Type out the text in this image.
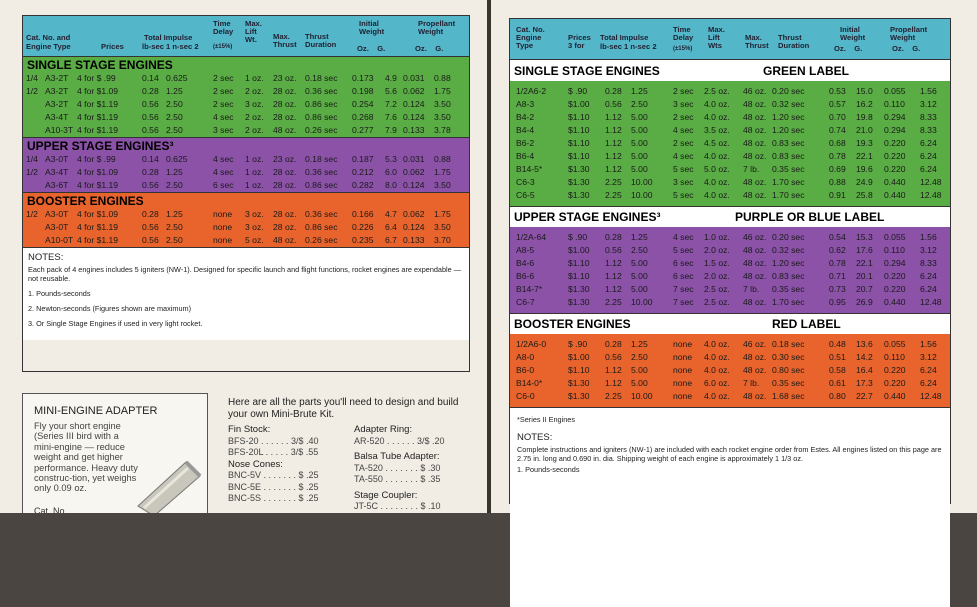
Cat. No. and
Engine Type	Prices
Total Impulse
lb-sec 1 n-sec 2
Time
Delay
(±15%)
Max.
Lift
Wt.	Max.
Thrust
Thrust
Duration
Initial
Weight
Oz.    G.
Propellant
Weight
Oz.    G.
SINGLE STAGE ENGINES
1/4 A3-2T 4 for $ .99	0.14 0.625	2 sec 1 oz. 23 oz. 0.18 sec 0.173 4.9 0.031 0.88
1/2 A3-2T 4 for $1.09	0.28 1.25	2 sec 2 oz. 28 oz. 0.36 sec 0.198 5.6 0.062 1.75
A3-2T 4 for $1.19	0.56 2.50	2 sec 3 oz. 28 oz. 0.86 sec 0.254 7.2 0.124 3.50
A3-4T 4 for $1.19	0.56 2.50	4 sec 2 oz. 28 oz. 0.86 sec 0.268 7.6 0.124 3.50
A10-3T 4 for $1.19	0.56 2.50	3 sec 2 oz. 48 oz. 0.26 sec 0.277 7.9 0.133 3.78
UPPER STAGE ENGINES³
1/4 A3-0T 4 for $ .99	0.14 0.625	4 sec 1 oz. 23 oz. 0.18 sec 0.187 5.3 0.031 0.88
1/2 A3-4T 4 for $1.09	0.28 1.25	4 sec 1 oz. 28 oz. 0.36 sec 0.212 6.0 0.062 1.75
A3-6T 4 for $1.19	0.56 2.50	6 sec 1 oz. 28 oz. 0.86 sec 0.282 8.0 0.124 3.50
BOOSTER ENGINES
1/2 A3-0T 4 for $1.09	0.28 1.25	none 3 oz. 28 oz. 0.36 sec 0.166 4.7 0.062 1.75
A3-0T 4 for $1.19	0.56 2.50	none 3 oz. 28 oz. 0.86 sec 0.226 6.4 0.124 3.50
A10-0T 4 for $1.19	0.56 2.50	none 5 oz. 48 oz. 0.26 sec 0.235 6.7 0.133 3.70

NOTES:

Each pack of 4 engines includes 5 igniters (NW-1). Designed for specific launch and flight functions, rocket engines are expendable — not reusable.

1. Pounds-seconds

2. Newton-seconds (Figures shown are maximum)

3. Or Single Stage Engines if used in very light rocket.

MINI-ENGINE ADAPTER
Fly your short engine (Series III bird with a mini-engine — reduce weight and get higher performance. Heavy duty construc-tion, yet weighs only 0.09 oz.
Cat. No.
Here are all the parts you'll need to design and build your own Mini-Brute Kit.
Fin Stock:
BFS-20 . . . . . . 3/$ .40
BFS-20L . . . . . 3/$ .55
Nose Cones:
BNC-5V . . . . . . . $ .25
BNC-5E . . . . . . . $ .25
BNC-5S . . . . . . . $ .25
Adapter Ring:
AR-520 . . . . . . 3/$ .20
Balsa Tube Adapter:
TA-520 . . . . . . . $ .30
TA-550 . . . . . . . $ .35
Stage Coupler:
JT-5C . . . . . . . . $ .10
Cat. No.
Engine
Type
Prices
3 for
Total Impulse
lb-sec 1 n-sec 2
Time
Delay
(±15%)
Max.
Lift
Wts
Max.
Thrust
Thrust
Duration
Initial
Weight
Oz.    G.
Propellant
Weight
Oz.    G.
SINGLE STAGE ENGINES	GREEN LABEL
1/2A6-2	$ .90 0.28 1.25	2 sec 2.5 oz. 46 oz. 0.20 sec	0.53 15.0 0.055 1.56
A8-3	$1.00 0.56 2.50	3 sec 4.0 oz. 48 oz. 0.32 sec	0.57 16.2 0.110 3.12
B4-2	$1.10 1.12 5.00	2 sec 4.0 oz. 48 oz. 1.20 sec	0.70 19.8 0.294 8.33
B4-4	$1.10 1.12 5.00	4 sec 3.5 oz. 48 oz. 1.20 sec	0.74 21.0 0.294 8.33
B6-2	$1.10 1.12 5.00	2 sec 4.5 oz. 48 oz. 0.83 sec	0.68 19.3 0.220 6.24
B6-4	$1.10 1.12 5.00	4 sec 4.0 oz. 48 oz. 0.83 sec	0.78 22.1 0.220 6.24
B14-5*	$1.30 1.12 5.00	5 sec 5.0 oz. 7 lb. 0.35 sec	0.69 19.6 0.220 6.24
C6-3	$1.30 2.25 10.00 3 sec 4.0 oz. 48 oz. 1.70 sec	0.88 24.9 0.440 12.48
C6-5	$1.30 2.25 10.00 5 sec 4.0 oz. 48 oz. 1.70 sec	0.91 25.8 0.440 12.48
UPPER STAGE ENGINES³	PURPLE OR BLUE LABEL
1/2A-64	$ .90 0.28 1.25	4 sec 1.0 oz. 46 oz. 0.20 sec	0.54 15.3 0.055 1.56
A8-5	$1.00 0.56 2.50	5 sec 2.0 oz. 48 oz. 0.32 sec	0.62 17.6 0.110 3.12
B4-6	$1.10 1.12 5.00	6 sec 1.5 oz. 48 oz. 1.20 sec	0.78 22.1 0.294 8.33
B6-6	$1.10 1.12 5.00	6 sec 2.0 oz. 48 oz. 0.83 sec	0.71 20.1 0.220 6.24
B14-7*	$1.30 1.12 5.00	7 sec 2.5 oz. 7 lb. 0.35 sec	0.73 20.7 0.220 6.24
C6-7	$1.30 2.25 10.00 7 sec 2.5 oz. 48 oz. 1.70 sec	0.95 26.9 0.440 12.48
BOOSTER ENGINES	RED LABEL
1/2A6-0	$ .90 0.28 1.25	none 4.0 oz. 46 oz. 0.18 sec	0.48 13.6 0.055 1.56
A8-0	$1.00 0.56 2.50	none 4.0 oz. 48 oz. 0.30 sec	0.51 14.2 0.110 3.12
B6-0	$1.10 1.12 5.00	none 4.0 oz. 48 oz. 0.80 sec	0.58 16.4 0.220 6.24
B14-0*	$1.30 1.12 5.00	none 6.0 oz. 7 lb. 0.35 sec	0.61 17.3 0.220 6.24
C6-0	$1.30 2.25 10.00 none 4.0 oz. 48 oz. 1.68 sec	0.80 22.7 0.440 12.48

*Series II Engines

NOTES:

Complete instructions and igniters (NW-1) are included with each rocket engine order from Estes. All engines listed on this page are 2.75 in. long and 0.690 in. dia. Shipping weight of each engine is approximately 1 1/3 oz.

1. Pounds-seconds
